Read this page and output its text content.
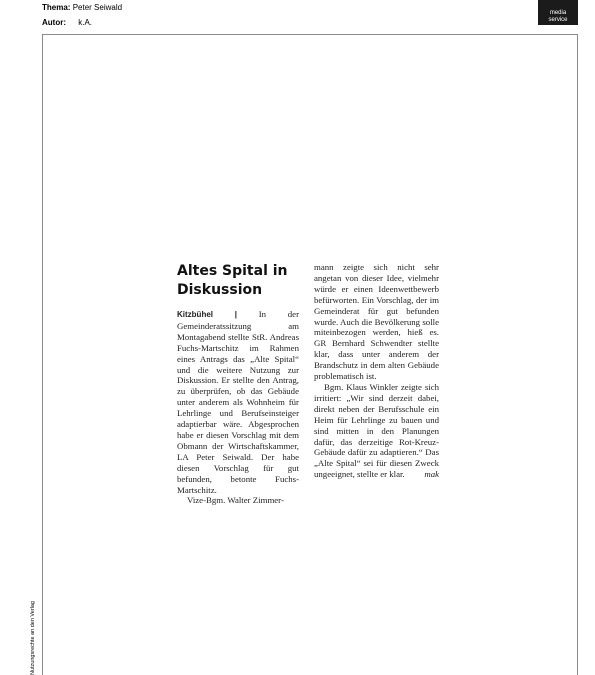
Thema: Peter Seiwald
Autor: k.A.
media
service
Nutzungsrechte an den Verlag
Altes Spital in Diskussion

Kitzbühel | In der Gemeinderatssitzung am Montagabend stellte StR. Andreas Fuchs-Martschitz im Rahmen eines Antrags das „Alte Spital“ und die weitere Nutzung zur Diskussion. Er stellte den Antrag, zu überprüfen, ob das Gebäude unter anderem als Wohnheim für Lehrlinge und Berufseinsteiger adaptierbar wäre. Abgesprochen habe er diesen Vorschlag mit dem Obmann der Wirtschaftskammer, LA Peter Seiwald. Der habe diesen Vorschlag für gut befunden, betonte Fuchs-Martschitz.

Vize-Bgm. Walter Zimmer-

mann zeigte sich nicht sehr angetan von dieser Idee, vielmehr würde er einen Ideenwettbewerb befürworten. Ein Vorschlag, der im Gemeinderat für gut befunden wurde. Auch die Bevölkerung solle miteinbezogen werden, hieß es. GR Bernhard Schwendter stellte klar, dass unter anderem der Brandschutz in dem alten Gebäude problematisch ist.

Bgm. Klaus Winkler zeigte sich irritiert: „Wir sind derzeit dabei, direkt neben der Berufsschule ein Heim für Lehrlinge zu bauen und sind mitten in den Planungen dafür, das derzeitige Rot-Kreuz-Gebäude dafür zu adaptieren.“ Das „Alte Spital“ sei für diesen Zweck ungeeignet, stellte er klar.	mak
